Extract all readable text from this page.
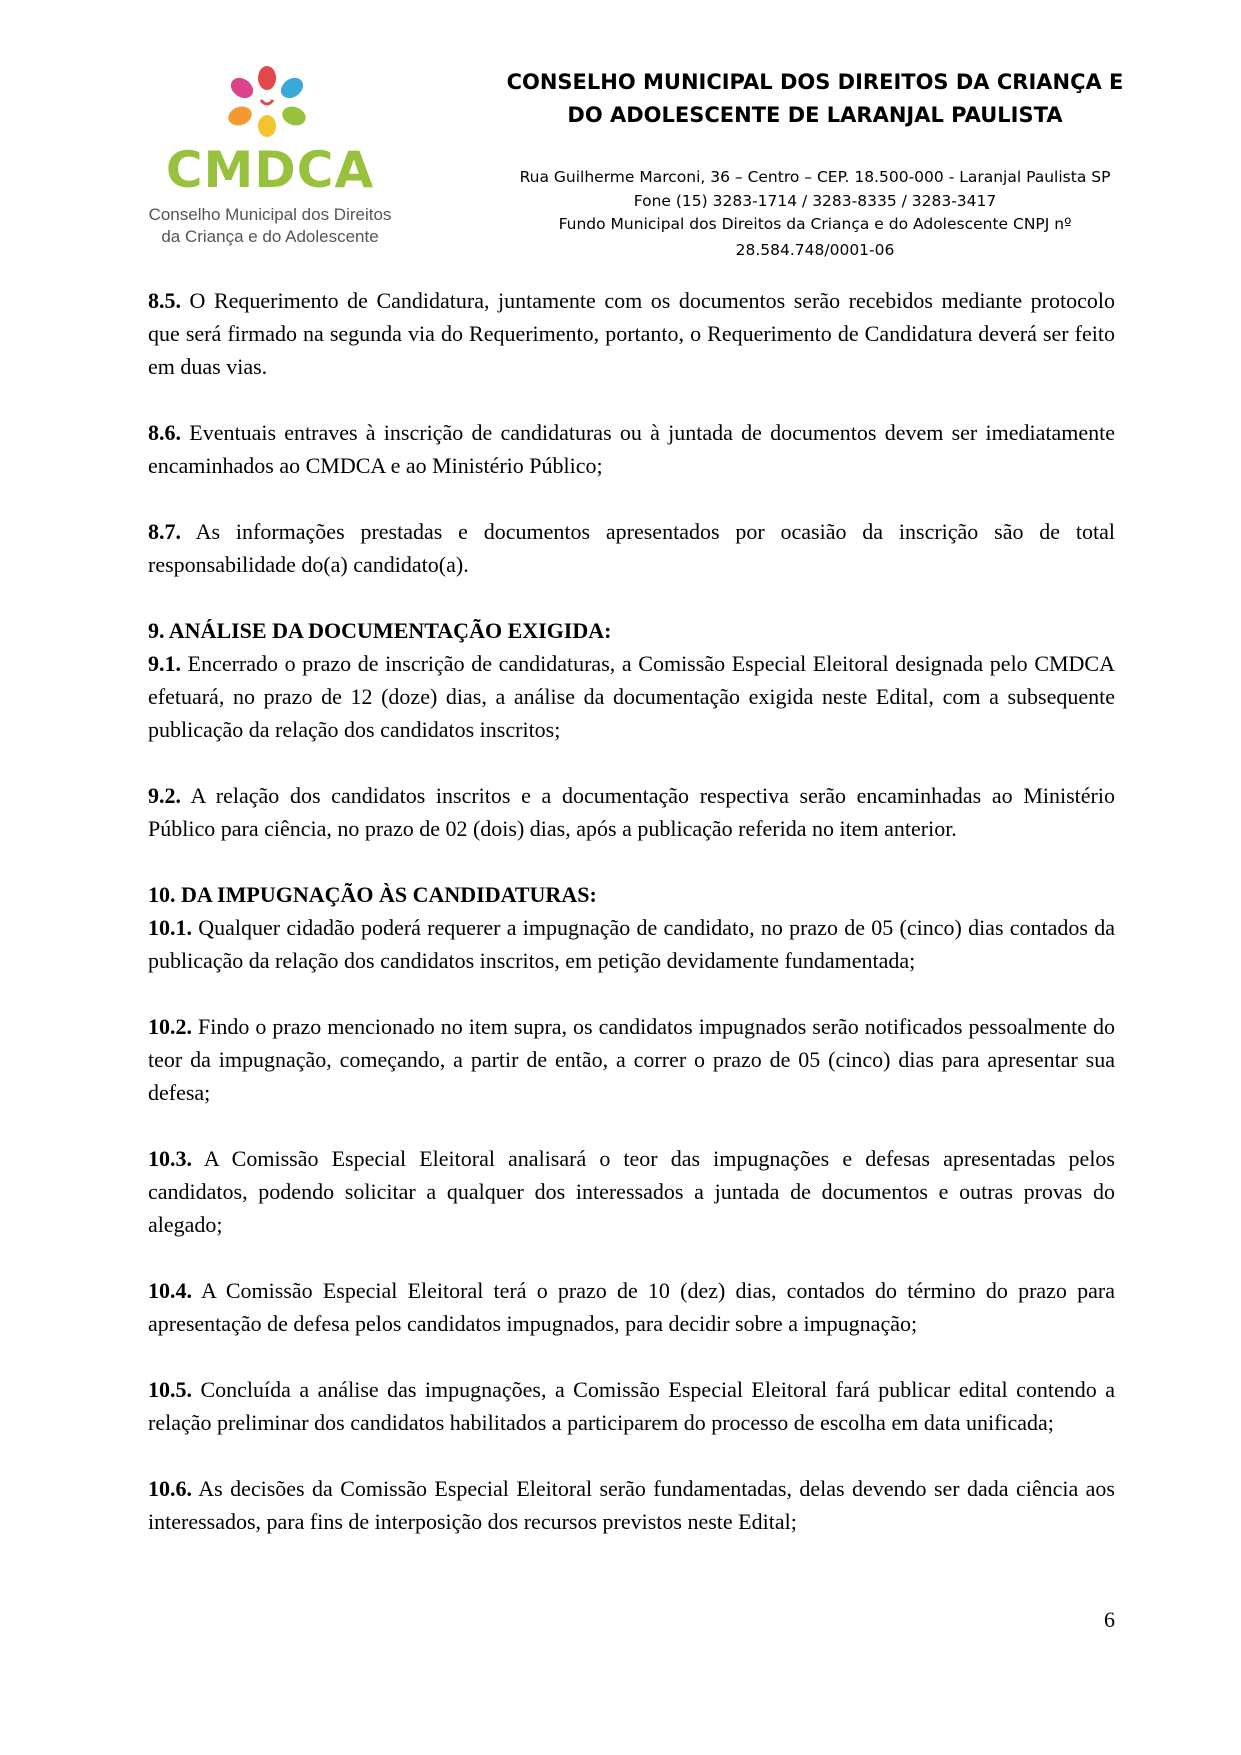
CMDCA
Conselho Municipal dos Direitos
da Criança e do Adolescente
CONSELHO MUNICIPAL DOS DIREITOS DA CRIANÇA E
DO ADOLESCENTE DE LARANJAL PAULISTA
Rua Guilherme Marconi, 36 – Centro – CEP. 18.500-000 - Laranjal Paulista SP
Fone (15) 3283-1714 / 3283-8335 / 3283-3417
Fundo Municipal dos Direitos da Criança e do Adolescente CNPJ nº
28.584.748/0001-06

8.5. O Requerimento de Candidatura, juntamente com os documentos serão recebidos mediante protocolo que será firmado na segunda via do Requerimento, portanto, o Requerimento de Candidatura deverá ser feito em duas vias.

8.6. Eventuais entraves à inscrição de candidaturas ou à juntada de documentos devem ser imediatamente encaminhados ao CMDCA e ao Ministério Público;

8.7. As informações prestadas e documentos apresentados por ocasião da inscrição são de total responsabilidade do(a) candidato(a).

9. ANÁLISE DA DOCUMENTAÇÃO EXIGIDA:

9.1. Encerrado o prazo de inscrição de candidaturas, a Comissão Especial Eleitoral designada pelo CMDCA efetuará, no prazo de 12 (doze) dias, a análise da documentação exigida neste Edital, com a subsequente publicação da relação dos candidatos inscritos;

9.2. A relação dos candidatos inscritos e a documentação respectiva serão encaminhadas ao Ministério Público para ciência, no prazo de 02 (dois) dias, após a publicação referida no item anterior.

10. DA IMPUGNAÇÃO ÀS CANDIDATURAS:

10.1. Qualquer cidadão poderá requerer a impugnação de candidato, no prazo de 05 (cinco) dias contados da publicação da relação dos candidatos inscritos, em petição devidamente fundamentada;

10.2. Findo o prazo mencionado no item supra, os candidatos impugnados serão notificados pessoalmente do teor da impugnação, começando, a partir de então, a correr o prazo de 05 (cinco) dias para apresentar sua defesa;

10.3. A Comissão Especial Eleitoral analisará o teor das impugnações e defesas apresentadas pelos candidatos, podendo solicitar a qualquer dos interessados a juntada de documentos e outras provas do alegado;

10.4. A Comissão Especial Eleitoral terá o prazo de 10 (dez) dias, contados do término do prazo para apresentação de defesa pelos candidatos impugnados, para decidir sobre a impugnação;

10.5. Concluída a análise das impugnações, a Comissão Especial Eleitoral fará publicar edital contendo a relação preliminar dos candidatos habilitados a participarem do processo de escolha em data unificada;

10.6. As decisões da Comissão Especial Eleitoral serão fundamentadas, delas devendo ser dada ciência aos interessados, para fins de interposição dos recursos previstos neste Edital;

6
